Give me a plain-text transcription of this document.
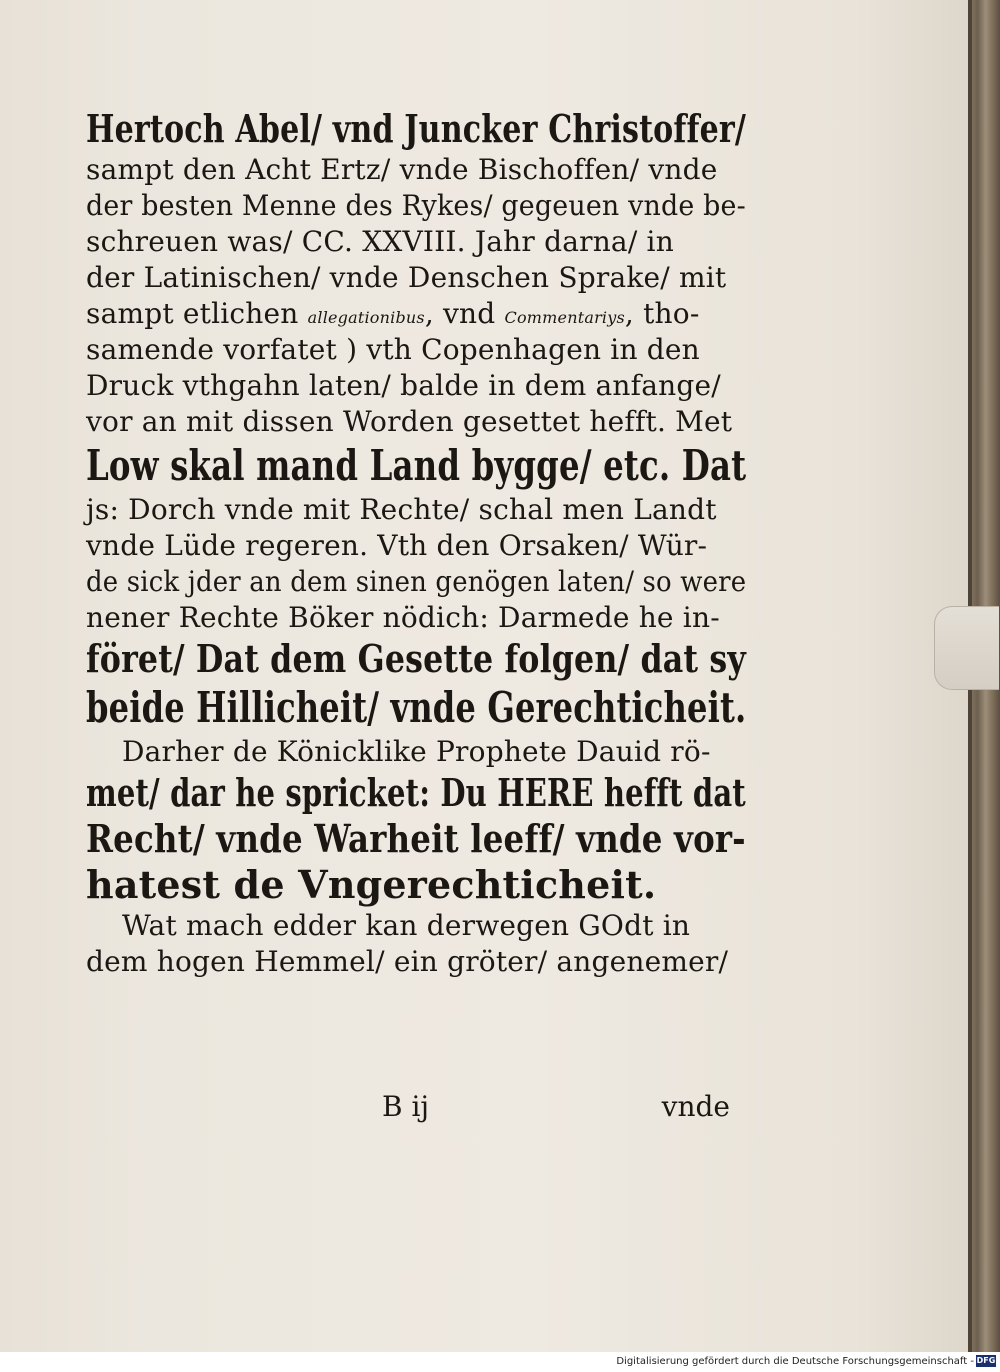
Hertoch Abel/ vnd Juncker Christoffer/
sampt den Acht Ertz/ vnde Bischoffen/ vnde
der besten Menne des Rykes/ gegeuen vnde be-
schreuen was/ CC. XXVIII. Jahr darna/ in
der Latinischen/ vnde Denschen Sprake/ mit
sampt etlichen allegationibus, vnd Commentariys, tho-
samende vorfatet ) vth Copenhagen in den
Druck vthgahn laten/ balde in dem anfange/
vor an mit dissen Worden gesettet hefft. Met
Low skal mand Land bygge/ etc. Dat
js: Dorch vnde mit Rechte/ schal men Landt
vnde Lüde regeren. Vth den Orsaken/ Wür-
de sick jder an dem sinen genögen laten/ so were
nener Rechte Böker nödich: Darmede he in-
föret/ Dat dem Gesette folgen/ dat sy
beide Hillicheit/ vnde Gerechticheit.
Darher de Könicklike Prophete Dauid rö-
met/ dar he spricket: Du HERE hefft dat
Recht/ vnde Warheit leeff/ vnde vor-
hatest de Vngerechticheit.
Wat mach edder kan derwegen GOdt in
dem hogen Hemmel/ ein gröter/ angenemer/
B ij	vnde
Digitalisierung gefördert durch die Deutsche Forschungsgemeinschaft - DFG
